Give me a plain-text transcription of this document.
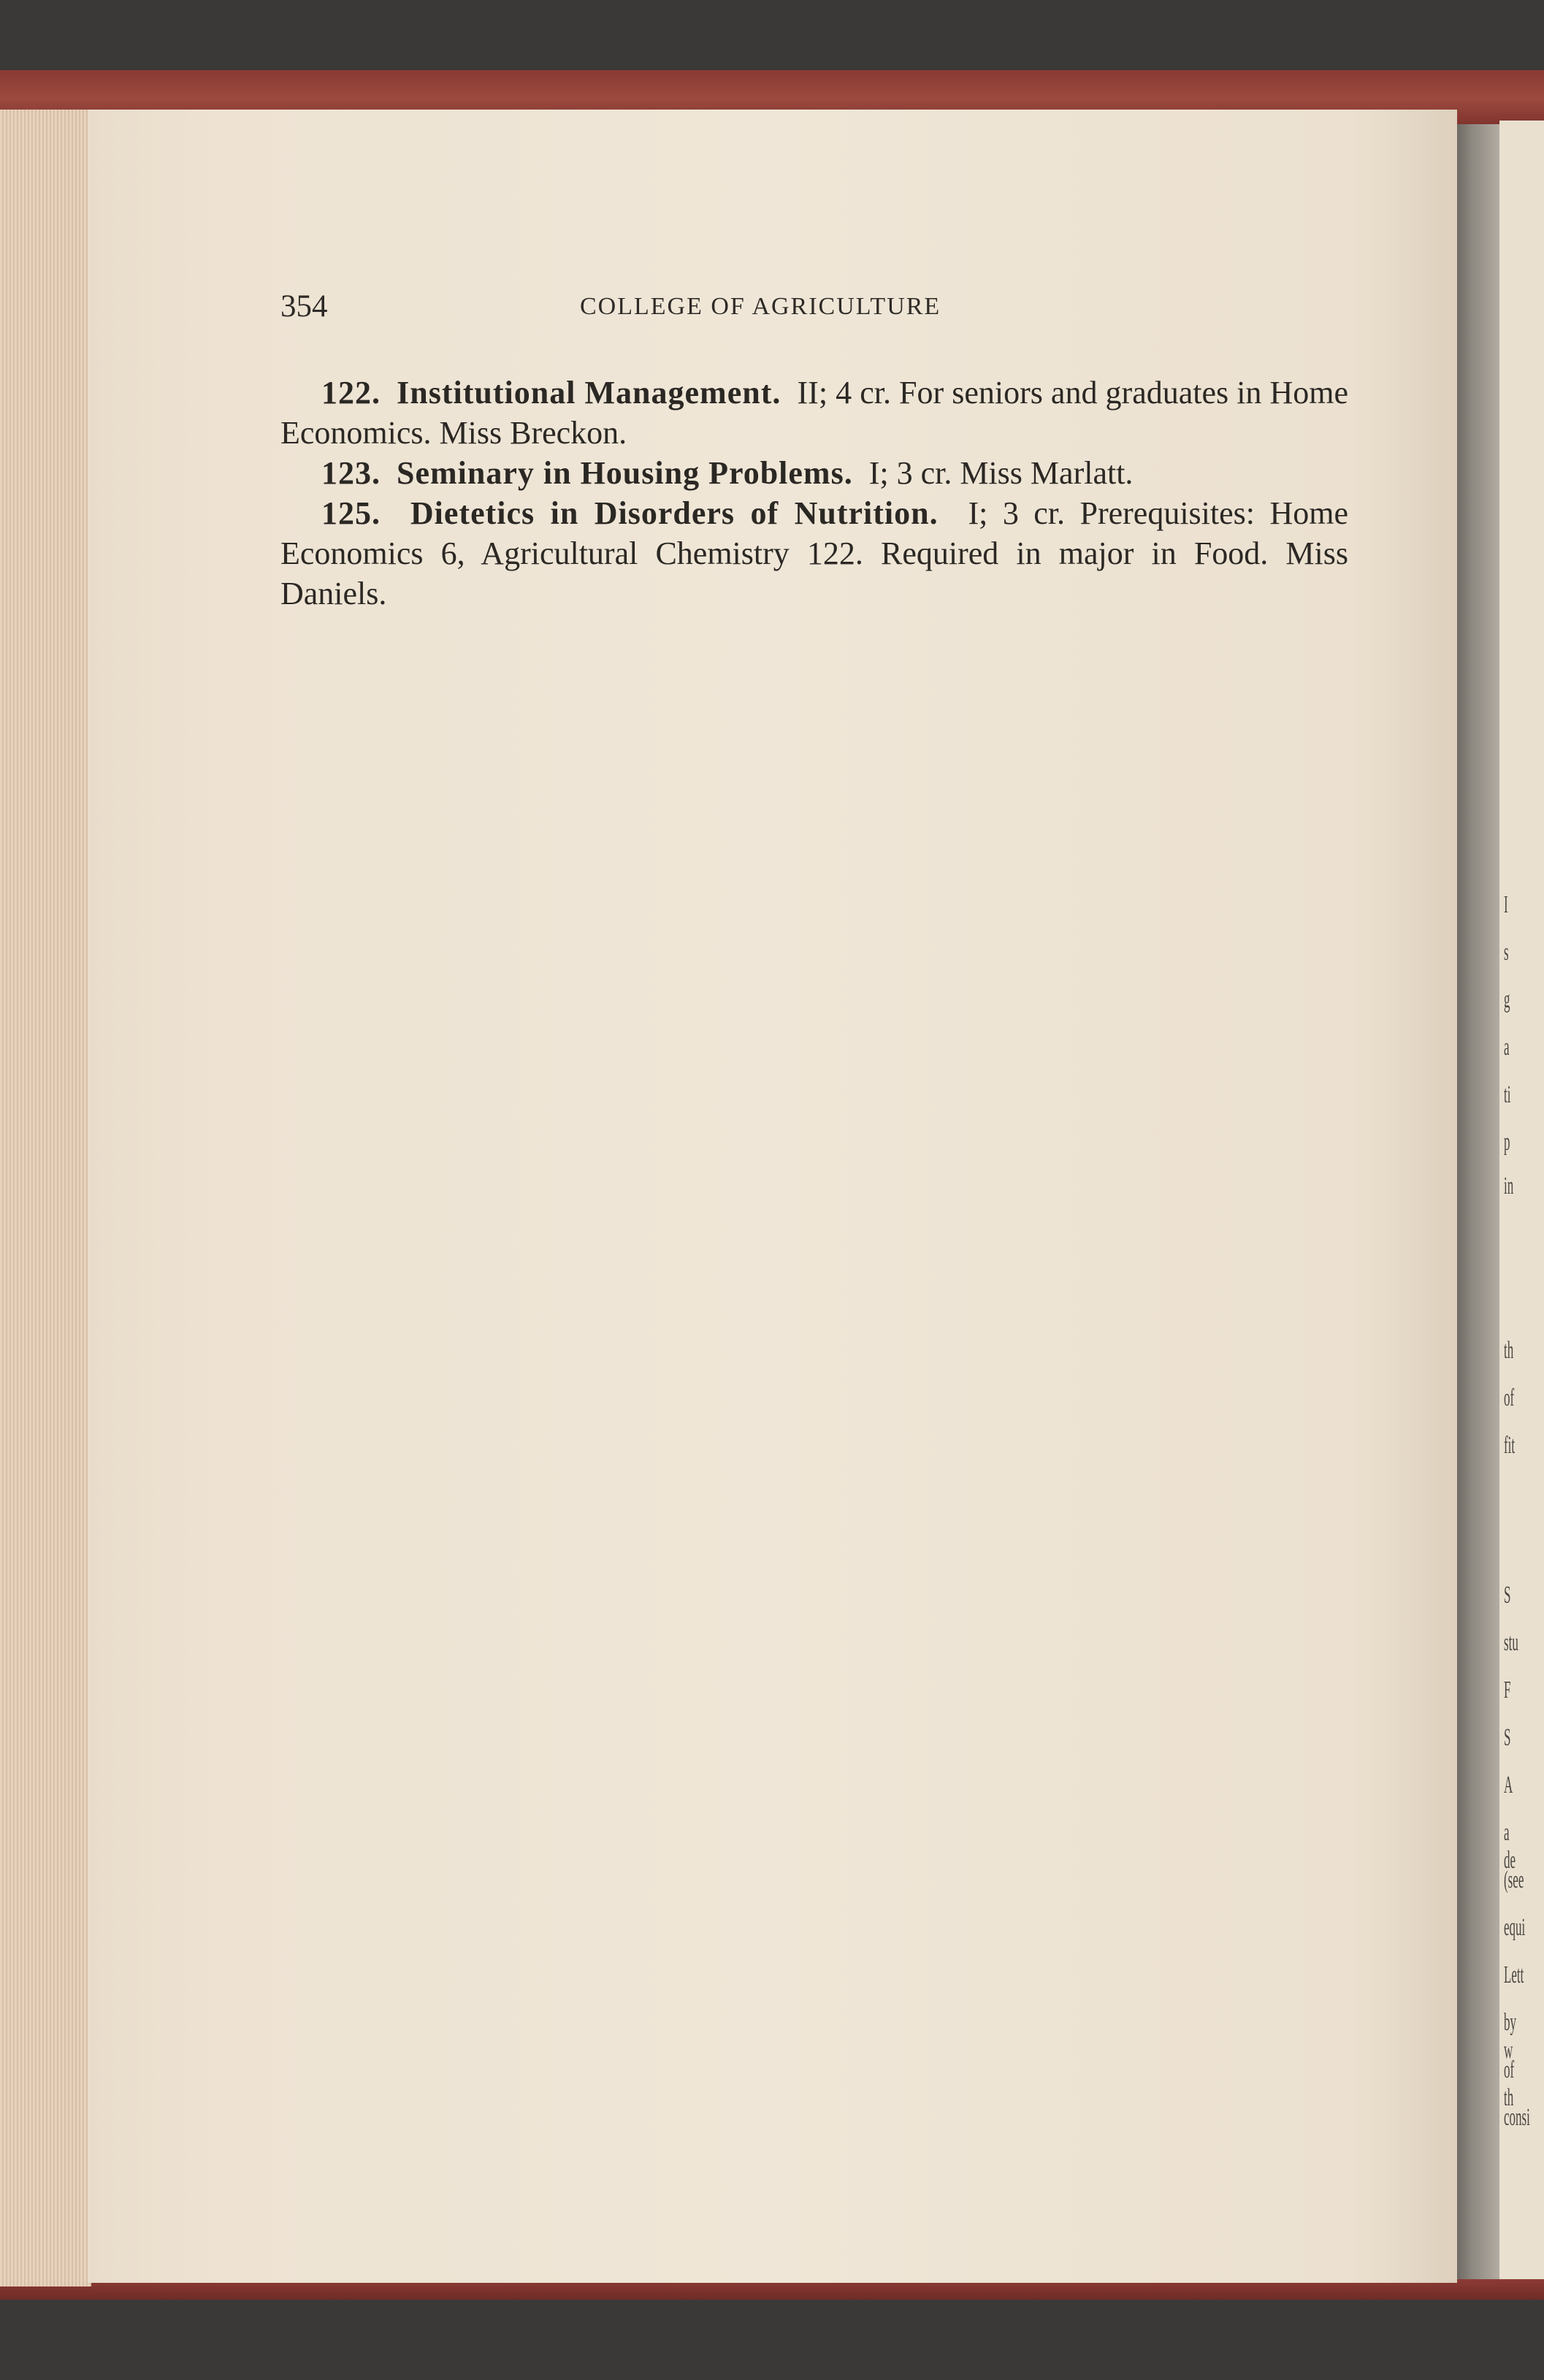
354	COLLEGE OF AGRICULTURE

122. Institutional Management. II; 4 cr. For seniors and graduates in Home Economics. Miss Breckon.

123. Seminary in Housing Problems. I; 3 cr. Miss Marlatt.

125. Dietetics in Disorders of Nutrition. I; 3 cr. Prerequisites: Home Economics 6, Agricultural Chemistry 122. Required in major in Food. Miss Daniels.

I
s
g
a
ti
p
in
th
of
fit
S
stu
F
S
A
a de
(see
equi
Lett
by w
of th
consi
